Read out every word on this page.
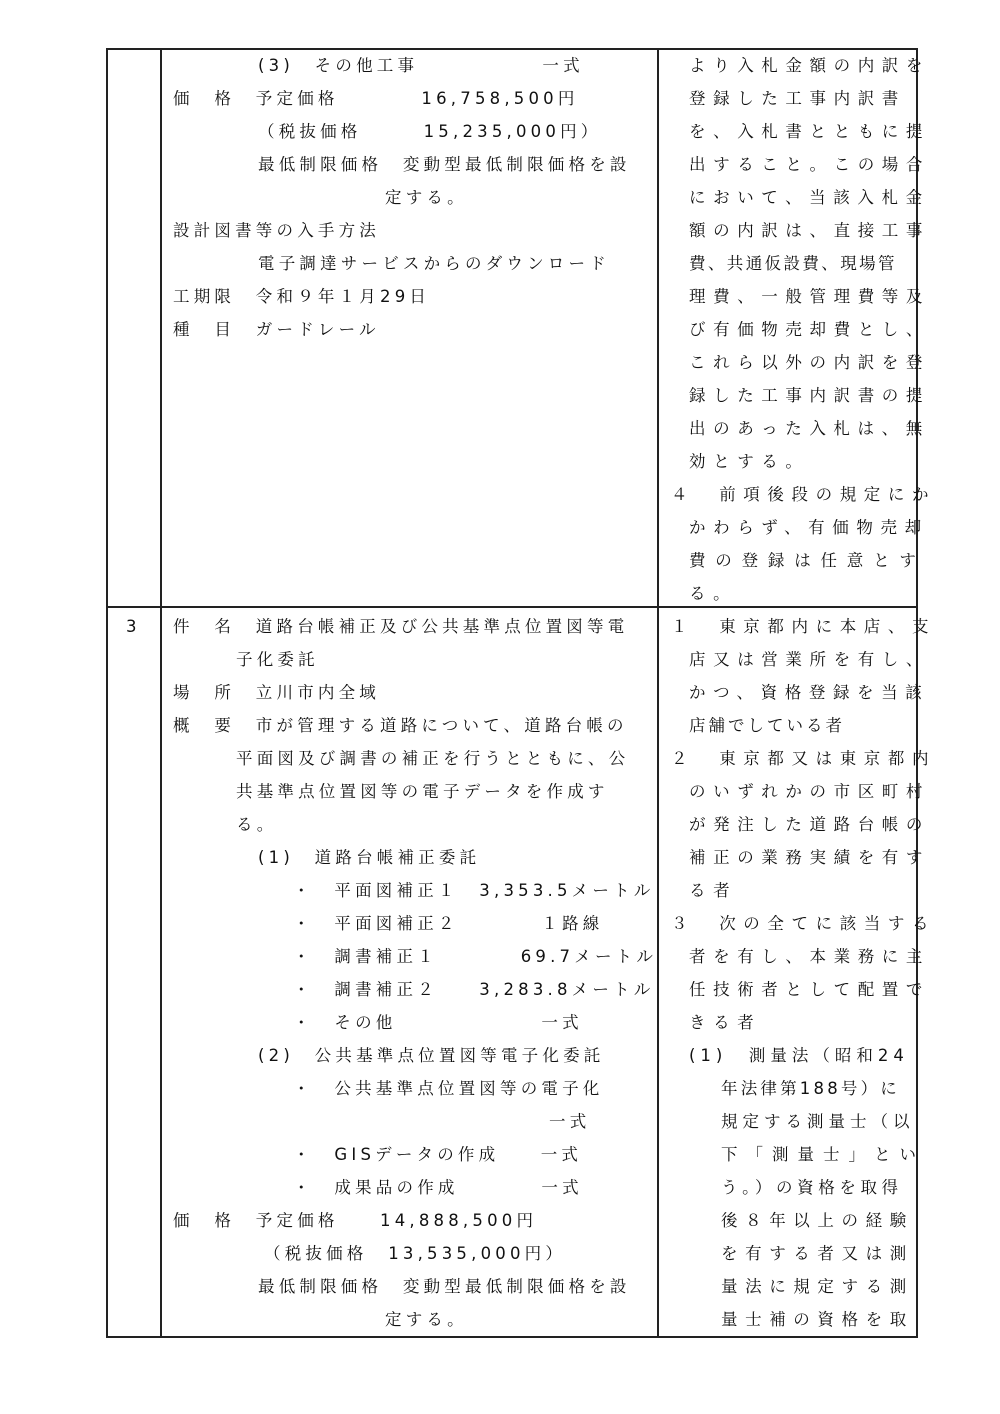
(3)　その他工事　　　　　　一式
価　格　予定価格　　　　16,758,500円
（税抜価格　　　15,235,000円）
最低制限価格　変動型最低制限価格を設
定する。
設計図書等の入手方法
電子調達サービスからのダウンロード
工期限　令和９年１月29日
種　目　ガードレール
より入札金額の内訳を
登録した工事内訳書
を、入札書とともに提
出すること。この場合
において、当該入札金
額の内訳は、直接工事
費、共通仮設費、現場管
理費、一般管理費等及
び有価物売却費とし、
これら以外の内訳を登
録した工事内訳書の提
出のあった入札は、無
効とする。
４　前項後段の規定にか
かわらず、有価物売却
費の登録は任意とす
る。
3 件　名　道路台帳補正及び公共基準点位置図等電
子化委託
場　所　立川市内全域
概　要　市が管理する道路について、道路台帳の
平面図及び調書の補正を行うとともに、公
共基準点位置図等の電子データを作成す
る。
(1)　道路台帳補正委託
・　平面図補正１　3,353.5メートル
・　平面図補正２　　　　１路線
・　調書補正１　　　　69.7メートル
・　調書補正２　　3,283.8メートル
・　その他　　　　　　　一式
(2)　公共基準点位置図等電子化委託
・　公共基準点位置図等の電子化
一式
・　GISデータの作成　　一式
・　成果品の作成　　　　一式
価　格　予定価格　　14,888,500円
（税抜価格　13,535,000円）
最低制限価格　変動型最低制限価格を設
定する。
１　東京都内に本店、支
店又は営業所を有し、
かつ、資格登録を当該
店舗でしている者
２　東京都又は東京都内
のいずれかの市区町村
が発注した道路台帳の
補正の業務実績を有す
る者
３　次の全てに該当する
者を有し、本業務に主
任技術者として配置で
きる者
(1)　測量法（昭和24
年法律第188号）に
規定する測量士（以
下「測量士」とい
う。）の資格を取得
後８年以上の経験
を有する者又は測
量法に規定する測
量士補の資格を取
